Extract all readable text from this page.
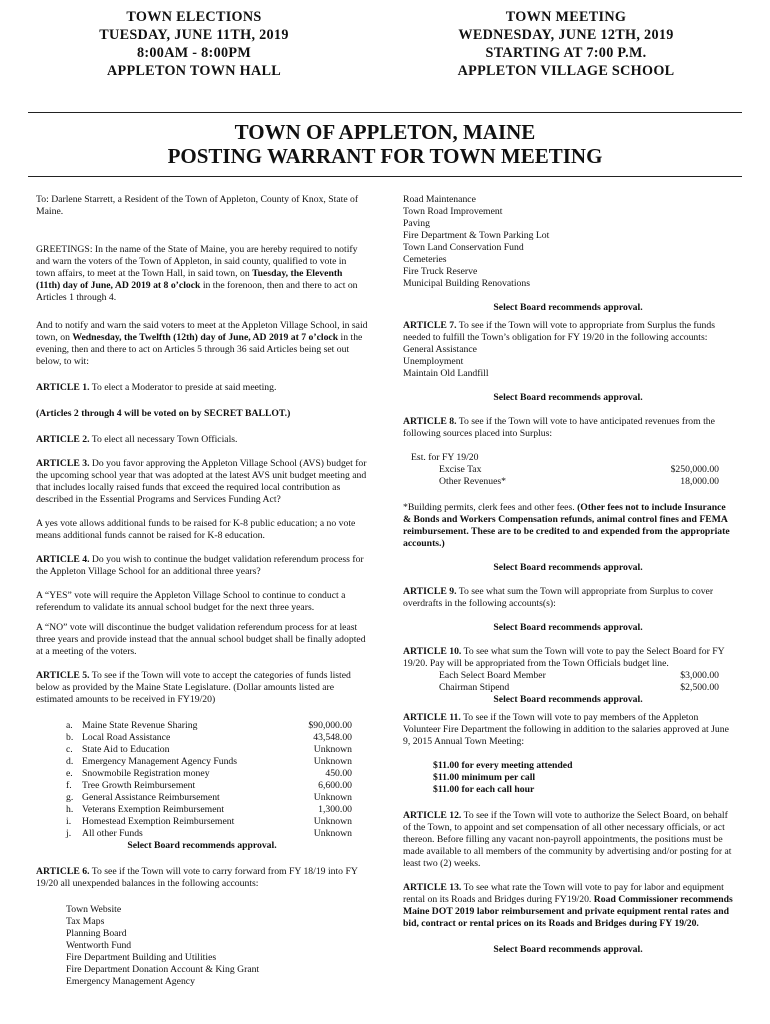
TOWN ELECTIONS
TUESDAY, JUNE 11TH, 2019
8:00AM - 8:00PM
APPLETON TOWN HALL
TOWN MEETING
WEDNESDAY, JUNE 12TH, 2019
STARTING AT 7:00 P.M.
APPLETON VILLAGE SCHOOL
TOWN OF APPLETON, MAINE
POSTING WARRANT FOR TOWN MEETING

To: Darlene Starrett, a Resident of the Town of Appleton, County of Knox, State of Maine.

GREETINGS: In the name of the State of Maine, you are hereby required to notify and warn the voters of the Town of Appleton, in said county, qualified to vote in town affairs, to meet at the Town Hall, in said town, on Tuesday, the Eleventh (11th) day of June, AD 2019 at 8 o’clock in the forenoon, then and there to act on Articles 1 through 4.

And to notify and warn the said voters to meet at the Appleton Village School, in said town, on Wednesday, the Twelfth (12th) day of June, AD 2019 at 7 o’clock in the evening, then and there to act on Articles 5 through 36 said Articles being set out below, to wit:

ARTICLE 1. To elect a Moderator to preside at said meeting.

(Articles 2 through 4 will be voted on by SECRET BALLOT.)

ARTICLE 2. To elect all necessary Town Officials.

ARTICLE 3. Do you favor approving the Appleton Village School (AVS) budget for the upcoming school year that was adopted at the latest AVS unit budget meeting and that includes locally raised funds that exceed the required local contribution as described in the Essential Programs and Services Funding Act?

A yes vote allows additional funds to be raised for K-8 public education; a no vote means additional funds cannot be raised for K-8 education.

ARTICLE 4. Do you wish to continue the budget validation referendum process for the Appleton Village School for an additional three years?

A “YES” vote will require the Appleton Village School to continue to conduct a referendum to validate its annual school budget for the next three years.

A “NO” vote will discontinue the budget validation referendum process for at least three years and provide instead that the annual school budget shall be finally adopted at a meeting of the voters.

ARTICLE 5. To see if the Town will vote to accept the categories of funds listed below as provided by the Maine State Legislature. (Dollar amounts listed are estimated amounts to be received in FY19/20)

a. Maine State Revenue Sharing	$90,000.00
b. Local Road Assistance	43,548.00
c. State Aid to Education	Unknown
d. Emergency Management Agency Funds	Unknown
e. Snowmobile Registration money	450.00
f.	Tree Growth Reimbursement	6,600.00
g. General Assistance Reimbursement	Unknown
h. Veterans Exemption Reimbursement	1,300.00
i.	Homestead Exemption Reimbursement	Unknown
j.	All other Funds	Unknown

Select Board recommends approval.

ARTICLE 6. To see if the Town will vote to carry forward from FY 18/19 into FY 19/20 all unexpended balances in the following accounts:

Town Website
Tax Maps
Planning Board
Wentworth Fund
Fire Department Building and Utilities
Fire Department Donation Account & King Grant
Emergency Management Agency
Road Maintenance
Town Road Improvement
Paving
Fire Department & Town Parking Lot
Town Land Conservation Fund
Cemeteries
Fire Truck Reserve
Municipal Building Renovations

Select Board recommends approval.

ARTICLE 7. To see if the Town will vote to appropriate from Surplus the funds needed to fulfill the Town’s obligation for FY 19/20 in the following accounts:

General Assistance
Unemployment
Maintain Old Landfill

Select Board recommends approval.

ARTICLE 8. To see if the Town will vote to have anticipated revenues from the following sources placed into Surplus:

Est. for FY 19/20

Excise Tax	$250,000.00
Other Revenues*	18,000.00

*Building permits, clerk fees and other fees. (Other fees not to include Insurance & Bonds and Workers Compensation refunds, animal control fines and FEMA reimbursement. These are to be credited to and expended from the appropriate accounts.)

Select Board recommends approval.

ARTICLE 9. To see what sum the Town will appropriate from Surplus to cover overdrafts in the following accounts(s):

Select Board recommends approval.

ARTICLE 10. To see what sum the Town will vote to pay the Select Board for FY 19/20. Pay will be appropriated from the Town Officials budget line.

Each Select Board Member	$3,000.00
Chairman Stipend	$2,500.00

Select Board recommends approval.

ARTICLE 11. To see if the Town will vote to pay members of the Appleton Volunteer Fire Department the following in addition to the salaries approved at June 9, 2015 Annual Town Meeting:

$11.00 for every meeting attended
$11.00 minimum per call
$11.00 for each call hour

ARTICLE 12. To see if the Town will vote to authorize the Select Board, on behalf of the Town, to appoint and set compensation of all other necessary officials, or act thereon. Before filling any vacant non-payroll appointments, the positions must be made available to all members of the community by advertising and/or posting for at least two (2) weeks.

ARTICLE 13. To see what rate the Town will vote to pay for labor and equipment rental on its Roads and Bridges during FY19/20. Road Commissioner recommends Maine DOT 2019 labor reimbursement and private equipment rental rates and bid, contract or rental prices on its Roads and Bridges during FY 19/20.

Select Board recommends approval.
